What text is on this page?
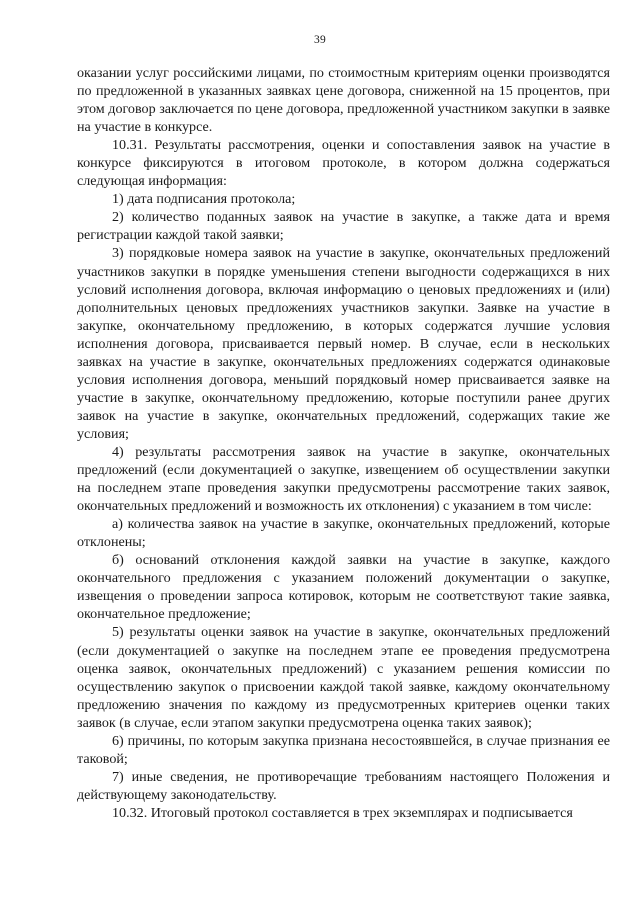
39

оказании услуг российскими лицами, по стоимостным критериям оценки производятся по предложенной в указанных заявках цене договора, сниженной на 15 процентов, при этом договор заключается по цене договора, предложенной участником закупки в заявке на участие в конкурсе.

10.31. Результаты рассмотрения, оценки и сопоставления заявок на участие в конкурсе фиксируются в итоговом протоколе, в котором должна содержаться следующая информация:

1) дата подписания протокола;

2) количество поданных заявок на участие в закупке, а также дата и время регистрации каждой такой заявки;

3) порядковые номера заявок на участие в закупке, окончательных предложений участников закупки в порядке уменьшения степени выгодности содержащихся в них условий исполнения договора, включая информацию о ценовых предложениях и (или) дополнительных ценовых предложениях участников закупки. Заявке на участие в закупке, окончательному предложению, в которых содержатся лучшие условия исполнения договора, присваивается первый номер. В случае, если в нескольких заявках на участие в закупке, окончательных предложениях содержатся одинаковые условия исполнения договора, меньший порядковый номер присваивается заявке на участие в закупке, окончательному предложению, которые поступили ранее других заявок на участие в закупке, окончательных предложений, содержащих такие же условия;

4) результаты рассмотрения заявок на участие в закупке, окончательных предложений (если документацией о закупке, извещением об осуществлении закупки на последнем этапе проведения закупки предусмотрены рассмотрение таких заявок, окончательных предложений и возможность их отклонения) с указанием в том числе:

а) количества заявок на участие в закупке, окончательных предложений, которые отклонены;

б) оснований отклонения каждой заявки на участие в закупке, каждого окончательного предложения с указанием положений документации о закупке, извещения о проведении запроса котировок, которым не соответствуют такие заявка, окончательное предложение;

5) результаты оценки заявок на участие в закупке, окончательных предложений (если документацией о закупке на последнем этапе ее проведения предусмотрена оценка заявок, окончательных предложений) с указанием решения комиссии по осуществлению закупок о присвоении каждой такой заявке, каждому окончательному предложению значения по каждому из предусмотренных критериев оценки таких заявок (в случае, если этапом закупки предусмотрена оценка таких заявок);

6) причины, по которым закупка признана несостоявшейся, в случае признания ее таковой;

7) иные сведения, не противоречащие требованиям настоящего Положения и действующему законодательству.

10.32. Итоговый протокол составляется в трех экземплярах и подписывается
